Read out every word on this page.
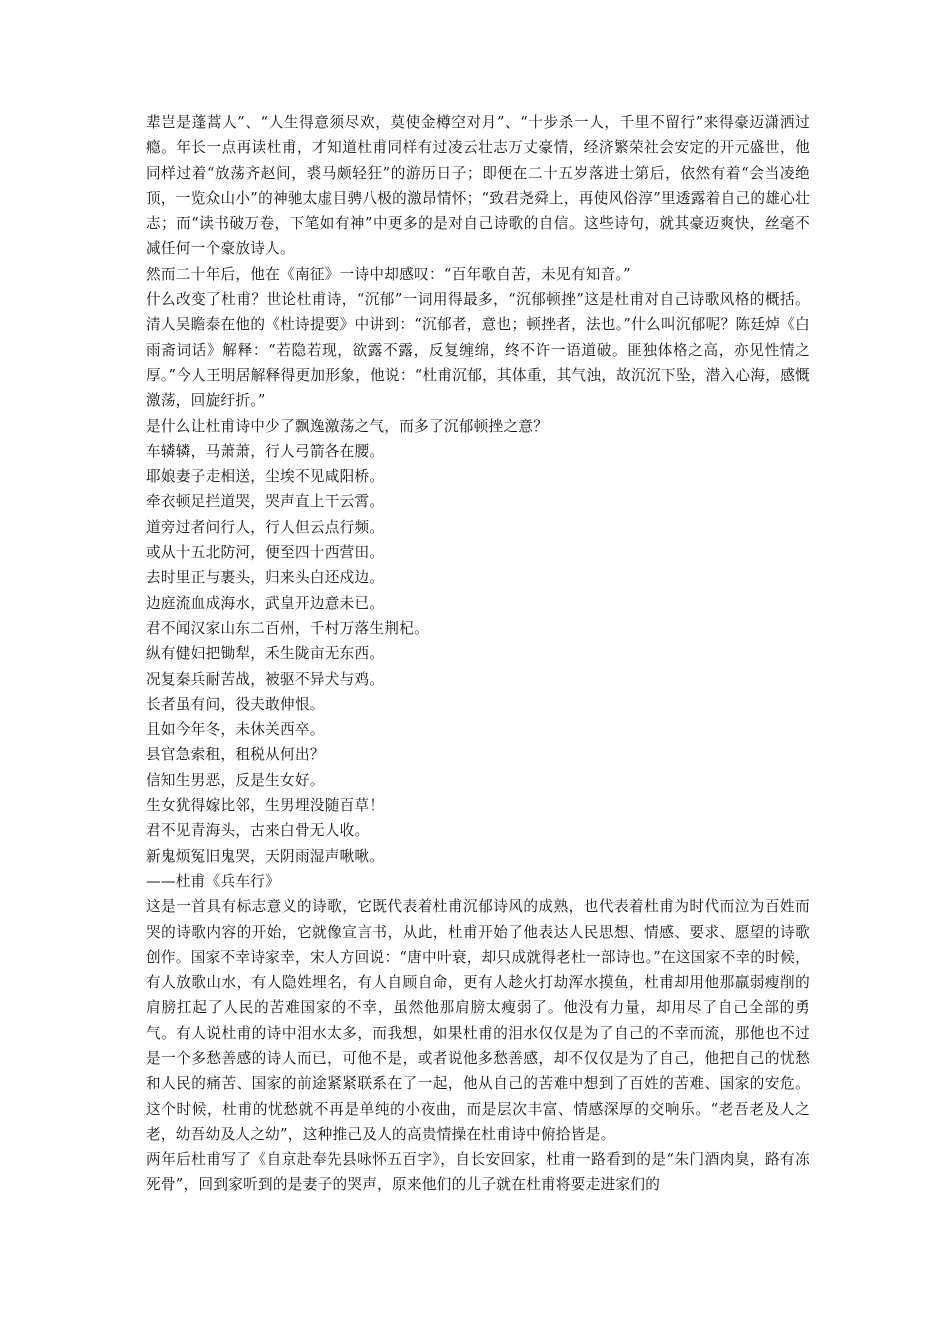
辈岂是蓬蒿人”、“人生得意须尽欢，莫使金樽空对月”、“十步杀一人，千里不留行”来得豪迈潇洒过瘾。年长一点再读杜甫，才知道杜甫同样有过凌云壮志万丈豪情，经济繁荣社会安定的开元盛世，他同样过着“放荡齐赵间，裘马颇轻狂”的游历日子；即便在二十五岁落进士第后，依然有着“会当凌绝顶，一览众山小”的神驰太虚目骋八极的激昂情怀；“致君尧舜上，再使风俗淳”里透露着自己的雄心壮志；而“读书破万卷，下笔如有神”中更多的是对自己诗歌的自信。这些诗句，就其豪迈爽快，丝毫不减任何一个豪放诗人。

然而二十年后，他在《南征》一诗中却感叹：“百年歌自苦，未见有知音。”

什么改变了杜甫？世论杜甫诗，“沉郁”一词用得最多，“沉郁顿挫”这是杜甫对自己诗歌风格的概括。清人吴瞻泰在他的《杜诗提要》中讲到：“沉郁者，意也；顿挫者，法也。”什么叫沉郁呢？陈廷焯《白雨斋词话》解释：“若隐若现，欲露不露，反复缠绵，终不许一语道破。匪独体格之高，亦见性情之厚。”今人王明居解释得更加形象，他说：“杜甫沉郁，其体重，其气浊，故沉沉下坠，潜入心海，感慨激荡，回旋纡折。”

是什么让杜甫诗中少了飘逸激荡之气，而多了沉郁顿挫之意？

车辚辚，马萧萧，行人弓箭各在腰。

耶娘妻子走相送，尘埃不见咸阳桥。

牵衣顿足拦道哭，哭声直上干云霄。

道旁过者问行人，行人但云点行频。

或从十五北防河，便至四十西营田。

去时里正与裹头，归来头白还戍边。

边庭流血成海水，武皇开边意未已。

君不闻汉家山东二百州，千村万落生荆杞。

纵有健妇把锄犁，禾生陇亩无东西。

况复秦兵耐苦战，被驱不异犬与鸡。

长者虽有问，役夫敢伸恨。

且如今年冬，未休关西卒。

县官急索租，租税从何出？

信知生男恶，反是生女好。

生女犹得嫁比邻，生男埋没随百草！

君不见青海头，古来白骨无人收。

新鬼烦冤旧鬼哭，天阴雨湿声啾啾。

——杜甫《兵车行》

这是一首具有标志意义的诗歌，它既代表着杜甫沉郁诗风的成熟，也代表着杜甫为时代而泣为百姓而哭的诗歌内容的开始，它就像宣言书，从此，杜甫开始了他表达人民思想、情感、要求、愿望的诗歌创作。国家不幸诗家幸，宋人方回说：“唐中叶衰，却只成就得老杜一部诗也。”在这国家不幸的时候，有人放歌山水，有人隐姓埋名，有人自顾自命，更有人趁火打劫浑水摸鱼，杜甫却用他那羸弱瘦削的肩膀扛起了人民的苦难国家的不幸，虽然他那肩膀太瘦弱了。他没有力量，却用尽了自己全部的勇气。有人说杜甫的诗中泪水太多，而我想，如果杜甫的泪水仅仅是为了自己的不幸而流，那他也不过是一个多愁善感的诗人而已，可他不是，或者说他多愁善感，却不仅仅是为了自己，他把自己的忧愁和人民的痛苦、国家的前途紧紧联系在了一起，他从自己的苦难中想到了百姓的苦难、国家的安危。这个时候，杜甫的忧愁就不再是单纯的小夜曲，而是层次丰富、情感深厚的交响乐。“老吾老及人之老，幼吾幼及人之幼”，这种推己及人的高贵情操在杜甫诗中俯拾皆是。

两年后杜甫写了《自京赴奉先县咏怀五百字》，自长安回家，杜甫一路看到的是“朱门酒肉臭，路有冻死骨”，回到家听到的是妻子的哭声，原来他们的儿子就在杜甫将要走进家们的
